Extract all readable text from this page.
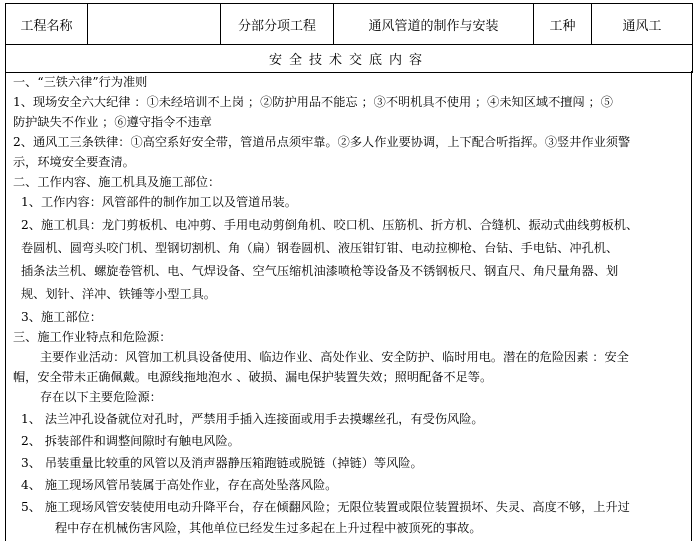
工程名称		分部分项工程	通风管道的制作与安装	工种	通风工
安全技术交底内容
一、“三铁六律”行为准则
1、现场安全六大纪律 ：①未经培训不上岗 ；②防护用品不能忘 ；③不明机具不使用 ；④未知区域不擅闯 ；⑤
防护缺失不作业 ；⑥遵守指令不违章
2、通风工三条铁律：①高空系好安全带，管道吊点须牢靠。②多人作业要协调，上下配合听指挥。③竖井作业须警
示，环境安全要查清。
二、工作内容、施工机具及施工部位：
1、工作内容：风管部件的制作加工以及管道吊装。
2、施工机具：龙门剪板机、电冲剪、手用电动剪倒角机、咬口机、压筋机、折方机、合缝机、振动式曲线剪板机、
卷圆机、圆弯头咬门机、型钢切割机、角（扁）钢卷圆机、液压钳钉钳、电动拉柳枪、台钻、手电钻、冲孔机、
插条法兰机、螺旋卷管机、电、气焊设备、空气压缩机油漆喷枪等设备及不锈钢板尺、钢直尺、角尺量角器、划
规、划针、洋冲、铁锤等小型工具。
3、施工部位：
三、施工作业特点和危险源：
主要作业活动：风管加工机具设备使用、临边作业、高处作业、安全防护、临时用电。潜在的危险因素 ：安全
帽，安全带未正确佩戴。电源线拖地泡水 、破损、漏电保护装置失效；照明配备不足等。
存在以下主要危险源：
1、 法兰冲孔设备就位对孔时，严禁用手插入连接面或用手去摸螺丝孔，有受伤风险。
2、 拆装部件和调整间隙时有触电风险。
3、 吊装重量比较重的风管以及消声器静压箱跑链或脱链（掉链）等风险。
4、 施工现场风管吊装属于高处作业，存在高处坠落风险。
5、 施工现场风管安装使用电动升降平台，存在倾翻风险；无限位装置或限位装置损坏、失灵、高度不够，上升过
程中存在机械伤害风险，其他单位已经发生过多起在上升过程中被顶死的事故。
